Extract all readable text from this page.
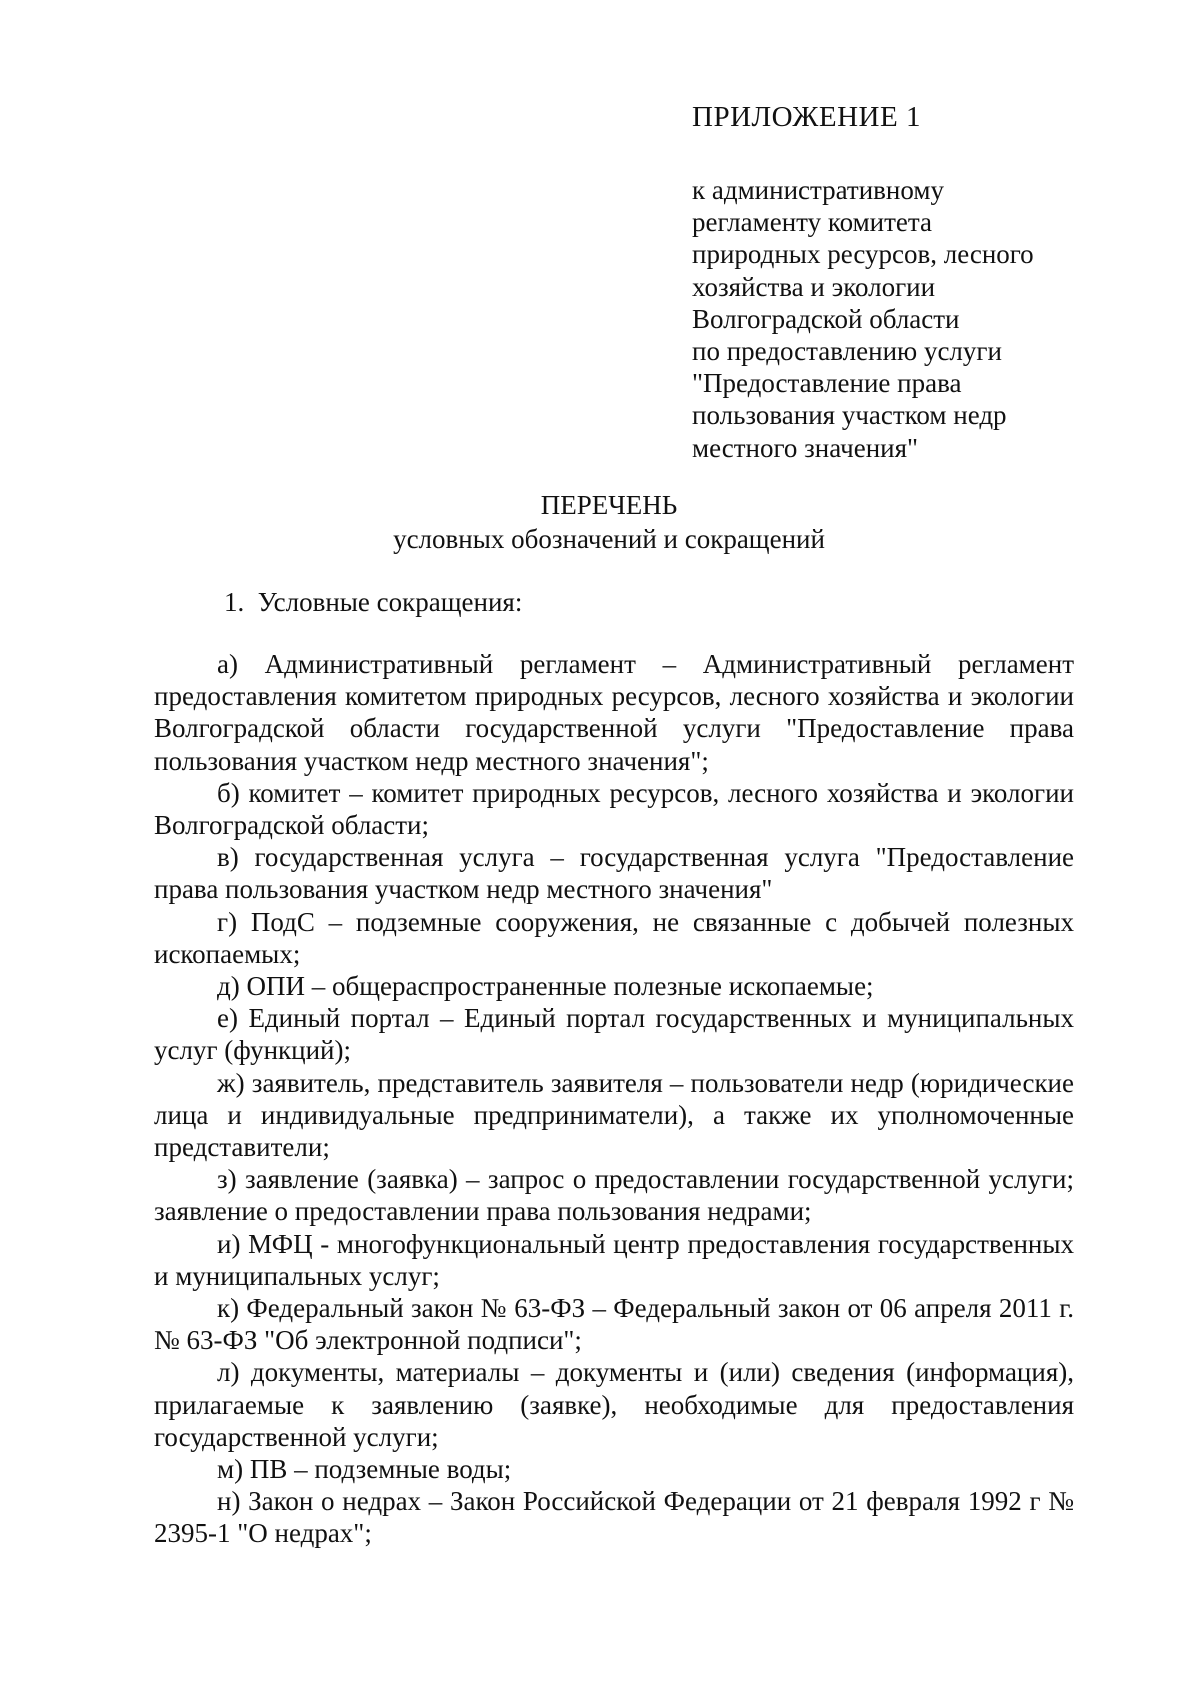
ПРИЛОЖЕНИЕ 1
к административному
регламенту комитета
природных ресурсов, лесного
хозяйства и экологии
Волгоградской области
по предоставлению услуги
"Предоставление права
пользования участком недр
местного значения"
ПЕРЕЧЕНЬ
условных обозначений и сокращений
1. Условные сокращения:

а) Административный регламент – Административный регламент предоставления комитетом природных ресурсов, лесного хозяйства и экологии Волгоградской области государственной услуги "Предоставление права пользования участком недр местного значения";

б) комитет – комитет природных ресурсов, лесного хозяйства и экологии Волгоградской области;

в) государственная услуга – государственная услуга "Предоставление права пользования участком недр местного значения"

г) ПодС – подземные сооружения, не связанные с добычей полезных ископаемых;

д) ОПИ – общераспространенные полезные ископаемые;

е) Единый портал – Единый портал государственных и муниципальных услуг (функций);

ж) заявитель, представитель заявителя – пользователи недр (юридические лица и индивидуальные предприниматели), а также их уполномоченные представители;

з) заявление (заявка) – запрос о предоставлении государственной услуги; заявление о предоставлении права пользования недрами;

и) МФЦ - многофункциональный центр предоставления государственных и муниципальных услуг;

к) Федеральный закон № 63-ФЗ – Федеральный закон от 06 апреля 2011 г. № 63-ФЗ "Об электронной подписи";

л) документы, материалы – документы и (или) сведения (информация), прилагаемые к заявлению (заявке), необходимые для предоставления государственной услуги;

м) ПВ – подземные воды;

н) Закон о недрах – Закон Российской Федерации от 21 февраля 1992 г № 2395-1 "О недрах";
